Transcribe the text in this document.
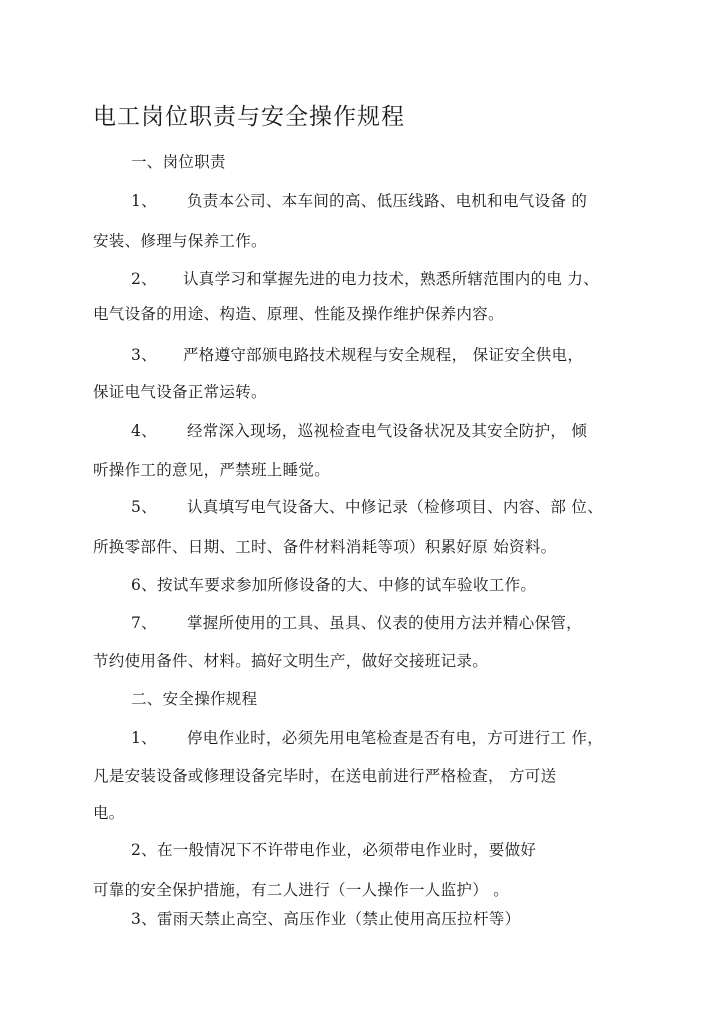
电工岗位职责与安全操作规程

一、岗位职责

1、 负责本公司、本车间的高、低压线路、电机和电气设备 的

安装、修理与保养工作。

2、 认真学习和掌握先进的电力技术，熟悉所辖范围内的电 力、

电气设备的用途、构造、原理、性能及操作维护保养内容。

3、 严格遵守部颁电路技术规程与安全规程， 保证安全供电，

保证电气设备正常运转。

4、 经常深入现场，巡视检查电气设备状况及其安全防护， 倾

听操作工的意见，严禁班上睡觉。

5、 认真填写电气设备大、中修记录（检修项目、内容、部 位、

所换零部件、日期、工时、备件材料消耗等项）积累好原 始资料。

6、按试车要求参加所修设备的大、中修的试车验收工作。

7、 掌握所使用的工具、虽具、仪表的使用方法并精心保管，

节约使用备件、材料。搞好文明生产，做好交接班记录。

二、安全操作规程

1、 停电作业时，必须先用电笔检查是否有电，方可进行工 作，

凡是安装设备或修理设备完毕时，在送电前进行严格检查， 方可送

电。

2、在一般情况下不许带电作业，必须带电作业时，要做好

可靠的安全保护措施，有二人进行（一人操作一人监护） 。

3、雷雨天禁止高空、高压作业（禁止使用高压拉杆等）
